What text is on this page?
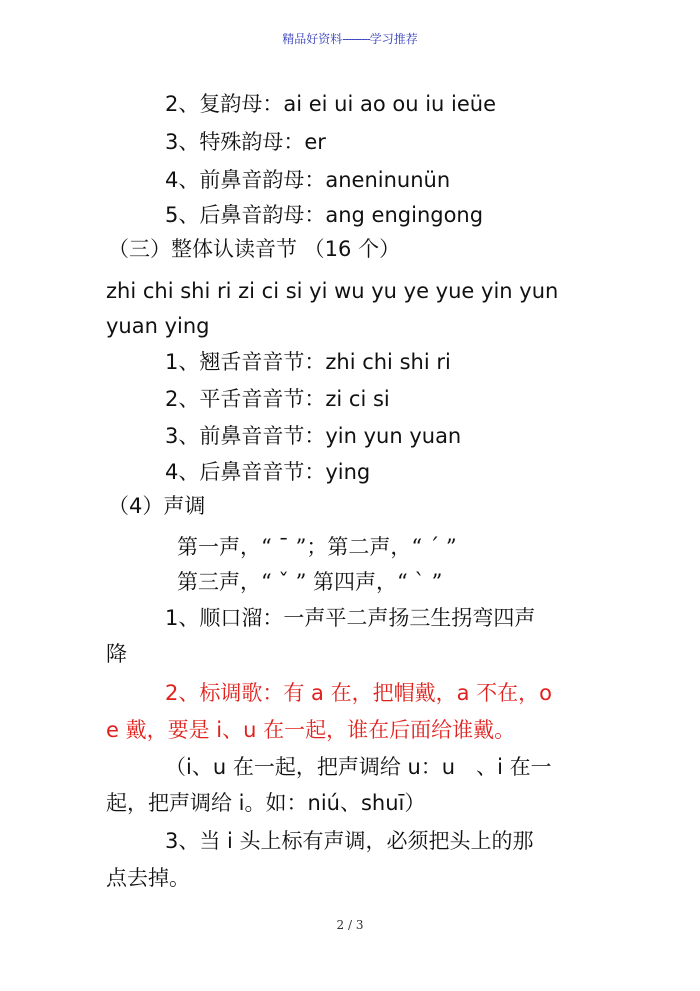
精品好资料---------学习推荐
2、复韵母：ai ei ui ao ou iu ieüe
3、特殊韵母：er
4、前鼻音韵母：aneninunün
5、后鼻音韵母：ang engingong
（三）整体认读音节 （16 个）
zhi chi shi ri zi ci si yi wu yu ye yue yin yun
yuan ying
1、翘舌音音节：zhi chi shi ri
2、平舌音音节：zi ci si
3、前鼻音音节：yin yun yuan
4、后鼻音音节：ying
（4）声调
第一声，“ ˉ ”；第二声，“ ˊ ”
第三声，“ ˇ ” 第四声，“ ˋ ”
1、顺口溜：一声平二声扬三生拐弯四声
降
2、标调歌：有 a 在，把帽戴，a 不在，o
e 戴，要是 i、u 在一起，谁在后面给谁戴。
（i、u 在一起，把声调给 u：u　、i 在一
起，把声调给 i。如：niú、shuī）
3、当 i 头上标有声调，必须把头上的那
点去掉。
2 / 3
